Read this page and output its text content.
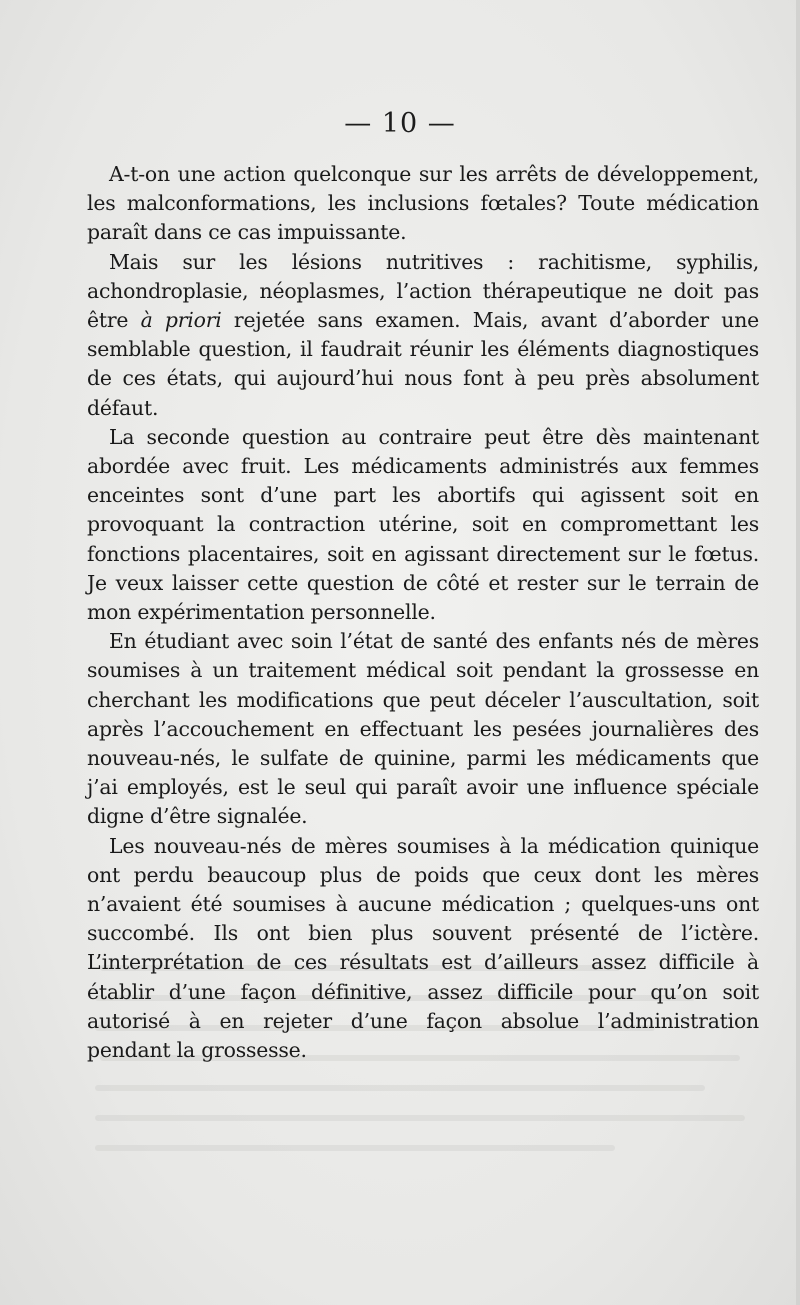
— 10 —

A-t-on une action quelconque sur les arrêts de développement, les malconformations, les inclusions fœtales? Toute médication paraît dans ce cas impuissante.

Mais sur les lésions nutritives : rachitisme, syphilis, achondroplasie, néoplasmes, l’action thérapeutique ne doit pas être à priori rejetée sans examen. Mais, avant d’aborder une semblable question, il faudrait réunir les éléments diagnostiques de ces états, qui aujourd’hui nous font à peu près absolument défaut.

La seconde question au contraire peut être dès maintenant abordée avec fruit. Les médicaments administrés aux femmes enceintes sont d’une part les abortifs qui agissent soit en provoquant la contraction utérine, soit en compromettant les fonctions placentaires, soit en agissant directement sur le fœtus. Je veux laisser cette question de côté et rester sur le terrain de mon expérimentation personnelle.

En étudiant avec soin l’état de santé des enfants nés de mères soumises à un traitement médical soit pendant la grossesse en cherchant les modifications que peut déceler l’auscultation, soit après l’accouchement en effectuant les pesées journalières des nouveau-nés, le sulfate de quinine, parmi les médicaments que j’ai employés, est le seul qui paraît avoir une influence spéciale digne d’être signalée.

Les nouveau-nés de mères soumises à la médication quinique ont perdu beaucoup plus de poids que ceux dont les mères n’avaient été soumises à aucune médication ; quelques-uns ont succombé. Ils ont bien plus souvent présenté de l’ictère. L’interprétation de ces résultats est d’ailleurs assez difficile à établir d’une façon définitive, assez difficile pour qu’on soit autorisé à en rejeter d’une façon absolue l’administration pendant la grossesse.
